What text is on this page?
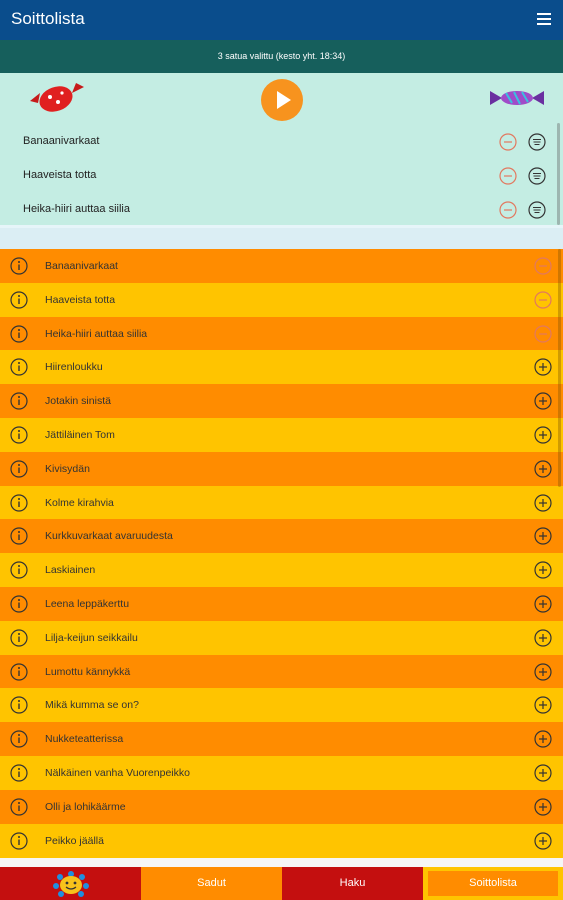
Soittolista
3 satua valittu (kesto yht. 18:34)
Banaanivarkaat
Haaveista totta
Heika-hiiri auttaa siilia
Banaanivarkaat
Haaveista totta
Heika-hiiri auttaa siilia
Hiirenloukku
Jotakin sinistä
Jättiläinen Tom
Kivisydän
Kolme kirahvia
Kurkkuvarkaat avaruudesta
Laskiainen
Leena leppäkerttu
Lilja-keijun seikkailu
Lumottu kännykkä
Mikä kumma se on?
Nukketeatterissa
Nälkäinen vanha Vuorenpeikko
Olli ja lohikäärme
Peikko jäällä
Sadut	Haku	Soittolista
